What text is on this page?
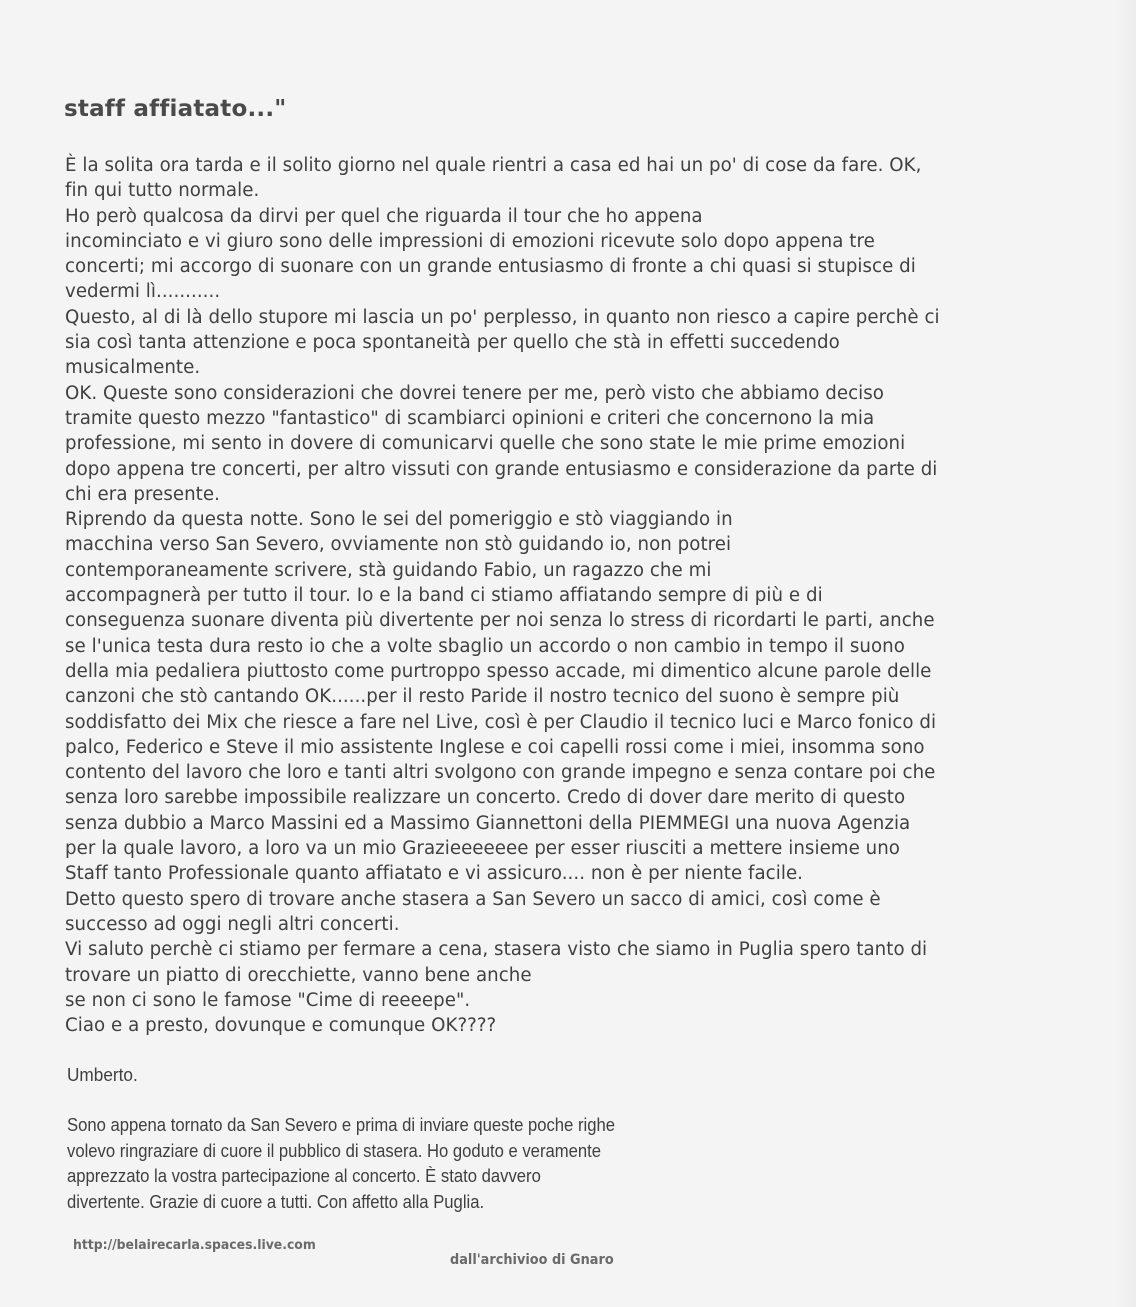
staff affiatato..."
È la solita ora tarda e il solito giorno nel quale rientri a casa ed hai un po' di cose da fare. OK,
fin qui tutto normale.
Ho però qualcosa da dirvi per quel che riguarda il tour che ho appena
incominciato e vi giuro sono delle impressioni di emozioni ricevute solo dopo appena tre
concerti; mi accorgo di suonare con un grande entusiasmo di fronte a chi quasi si stupisce di
vedermi lì...........
Questo, al di là dello stupore mi lascia un po' perplesso, in quanto non riesco a capire perchè ci
sia così tanta attenzione e poca spontaneità per quello che stà in effetti succedendo
musicalmente.
OK. Queste sono considerazioni che dovrei tenere per me, però visto che abbiamo deciso
tramite questo mezzo "fantastico" di scambiarci opinioni e criteri che concernono la mia
professione, mi sento in dovere di comunicarvi quelle che sono state le mie prime emozioni
dopo appena tre concerti, per altro vissuti con grande entusiasmo e considerazione da parte di
chi era presente.
Riprendo da questa notte. Sono le sei del pomeriggio e stò viaggiando in
macchina verso San Severo, ovviamente non stò guidando io, non potrei
contemporaneamente scrivere, stà guidando Fabio, un ragazzo che mi
accompagnerà per tutto il tour. Io e la band ci stiamo affiatando sempre di più e di
conseguenza suonare diventa più divertente per noi senza lo stress di ricordarti le parti, anche
se l'unica testa dura resto io che a volte sbaglio un accordo o non cambio in tempo il suono
della mia pedaliera piuttosto come purtroppo spesso accade, mi dimentico alcune parole delle
canzoni che stò cantando OK......per il resto Paride il nostro tecnico del suono è sempre più
soddisfatto dei Mix che riesce a fare nel Live, così è per Claudio il tecnico luci e Marco fonico di
palco, Federico e Steve il mio assistente Inglese e coi capelli rossi come i miei, insomma sono
contento del lavoro che loro e tanti altri svolgono con grande impegno e senza contare poi che
senza loro sarebbe impossibile realizzare un concerto. Credo di dover dare merito di questo
senza dubbio a Marco Massini ed a Massimo Giannettoni della PIEMMEGI una nuova Agenzia
per la quale lavoro, a loro va un mio Grazieeeeeee per esser riusciti a mettere insieme uno
Staff tanto Professionale quanto affiatato e vi assicuro.... non è per niente facile.
Detto questo spero di trovare anche stasera a San Severo un sacco di amici, così come è
successo ad oggi negli altri concerti.
Vi saluto perchè ci stiamo per fermare a cena, stasera visto che siamo in Puglia spero tanto di
trovare un piatto di orecchiette, vanno bene anche
se non ci sono le famose "Cime di reeeepe".
Ciao e a presto, dovunque e comunque OK????
Umberto.
Sono appena tornato da San Severo e prima di inviare queste poche righe
volevo ringraziare di cuore il pubblico di stasera. Ho goduto e veramente
apprezzato la vostra partecipazione al concerto. È stato davvero
divertente. Grazie di cuore a tutti. Con affetto alla Puglia.
http://belairecarla.spaces.live.com
dall'archivioo di Gnaro
